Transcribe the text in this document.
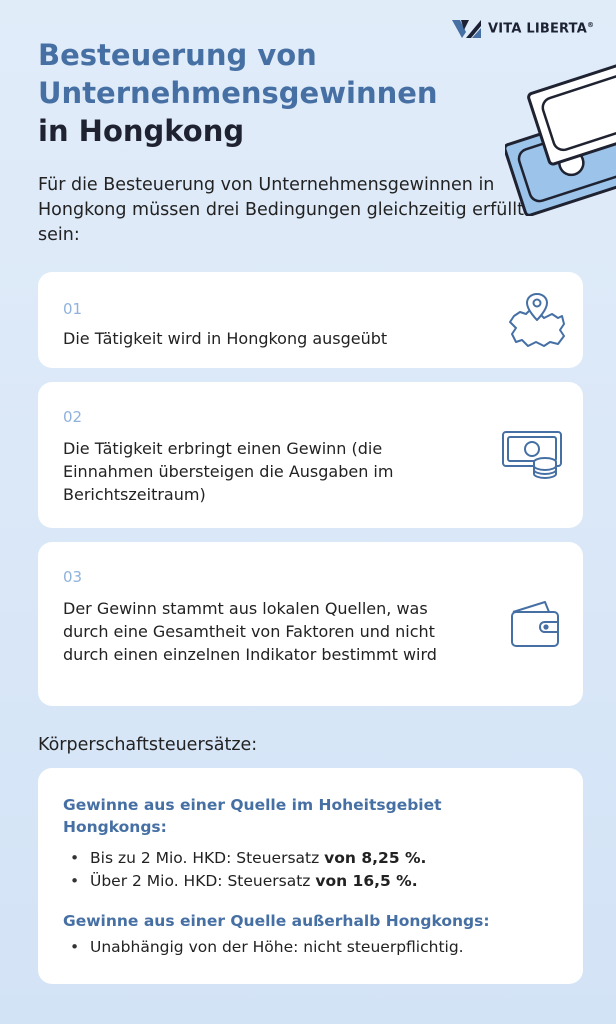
VITA LIBERTA®
Besteuerung von
Unternehmensgewinnen
in Hongkong

Für die Besteuerung von Unternehmensgewinnen in Hongkong müssen drei Bedingungen gleichzeitig erfüllt sein:

01
Die Tätigkeit wird in Hongkong ausgeübt
02
Die Tätigkeit erbringt einen Gewinn (die Einnahmen übersteigen die Ausgaben im Berichtszeitraum)
03
Der Gewinn stammt aus lokalen Quellen, was durch eine Gesamtheit von Faktoren und nicht durch einen einzelnen Indikator bestimmt wird
Körperschaftsteuersätze:
Gewinne aus einer Quelle im Hoheitsgebiet Hongkongs:
• Bis zu 2 Mio. HKD: Steuersatz von 8,25 %.
• Über 2 Mio. HKD: Steuersatz von 16,5 %.
Gewinne aus einer Quelle außerhalb Hongkongs:
• Unabhängig von der Höhe: nicht steuerpflichtig.
